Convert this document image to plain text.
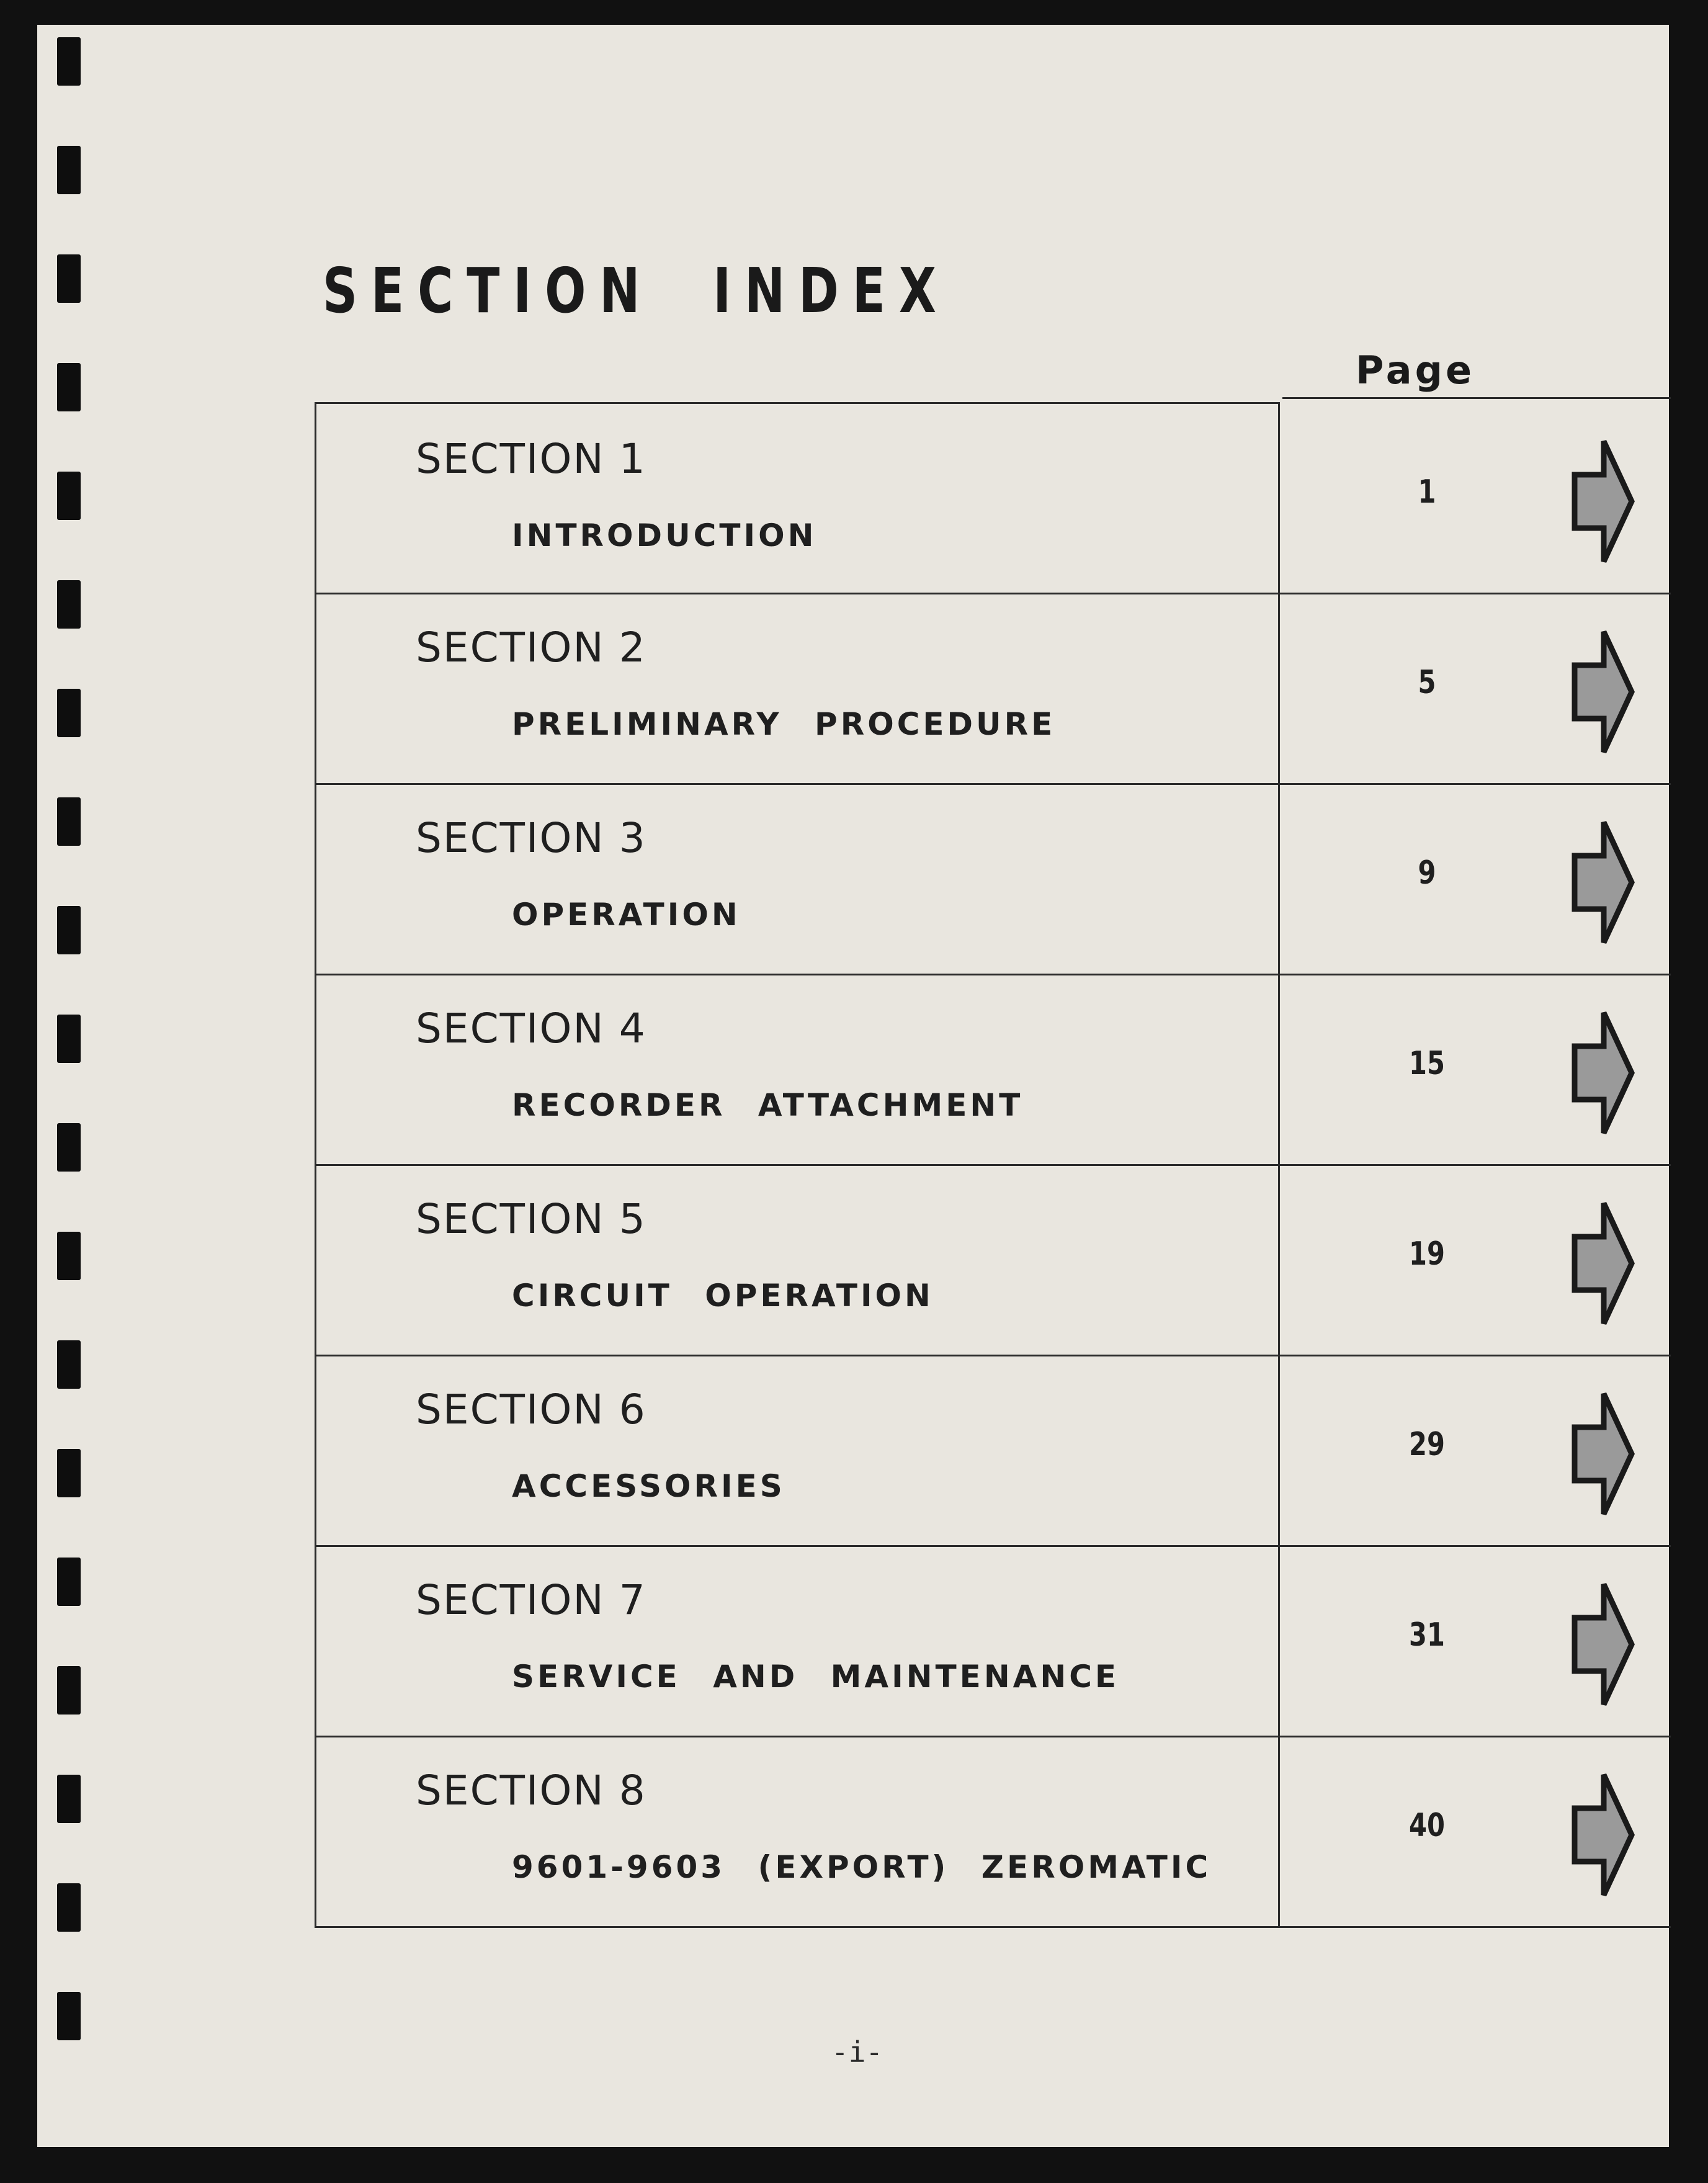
SECTION INDEX
Page
SECTION 1
INTRODUCTION
1
SECTION 2
PRELIMINARY PROCEDURE
5
SECTION 3
OPERATION
9
SECTION 4
RECORDER ATTACHMENT
15
SECTION 5
CIRCUIT OPERATION
19
SECTION 6
ACCESSORIES
29
SECTION 7
SERVICE AND MAINTENANCE
31
SECTION 8
9601-9603 (EXPORT) ZEROMATIC
40
-i-
